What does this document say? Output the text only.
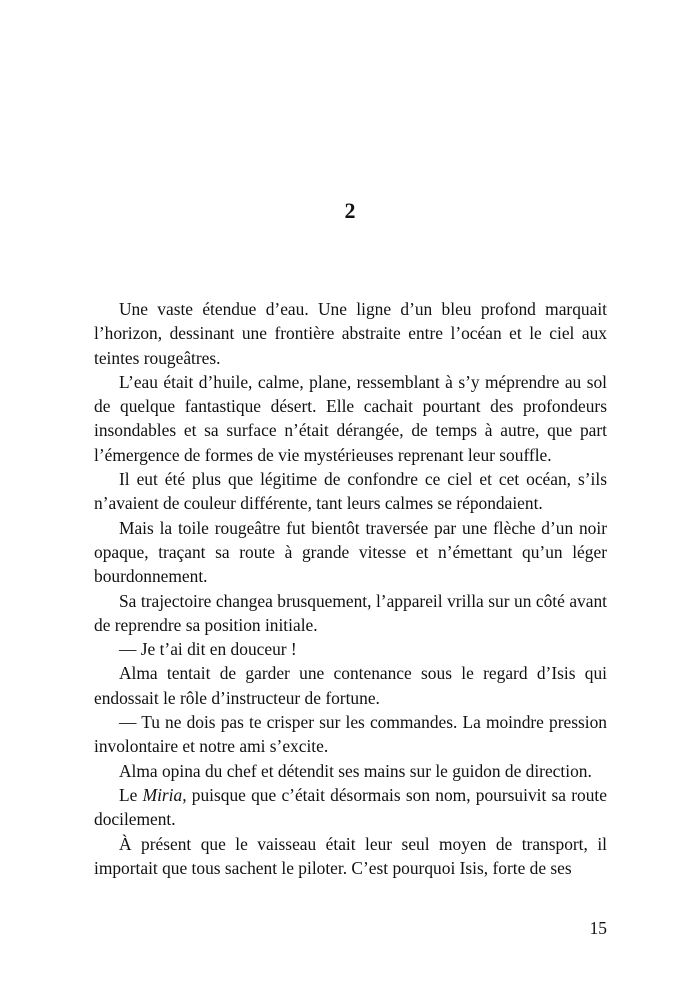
2

Une vaste étendue d’eau. Une ligne d’un bleu profond marquait l’horizon, dessinant une frontière abstraite entre l’océan et le ciel aux teintes rougeâtres.

L’eau était d’huile, calme, plane, ressemblant à s’y méprendre au sol de quelque fantastique désert. Elle cachait pourtant des profondeurs insondables et sa surface n’était dérangée, de temps à autre, que part l’émergence de formes de vie mystérieuses reprenant leur souffle.

Il eut été plus que légitime de confondre ce ciel et cet océan, s’ils n’avaient de couleur différente, tant leurs calmes se répondaient.

Mais la toile rougeâtre fut bientôt traversée par une flèche d’un noir opaque, traçant sa route à grande vitesse et n’émettant qu’un léger bourdonnement.

Sa trajectoire changea brusquement, l’appareil vrilla sur un côté avant de reprendre sa position initiale.

— Je t’ai dit en douceur !

Alma tentait de garder une contenance sous le regard d’Isis qui endossait le rôle d’instructeur de fortune.

— Tu ne dois pas te crisper sur les commandes. La moindre pression involontaire et notre ami s’excite.

Alma opina du chef et détendit ses mains sur le guidon de direction.

Le Miria, puisque que c’était désormais son nom, poursuivit sa route docilement.

À présent que le vaisseau était leur seul moyen de transport, il importait que tous sachent le piloter. C’est pourquoi Isis, forte de ses

15
